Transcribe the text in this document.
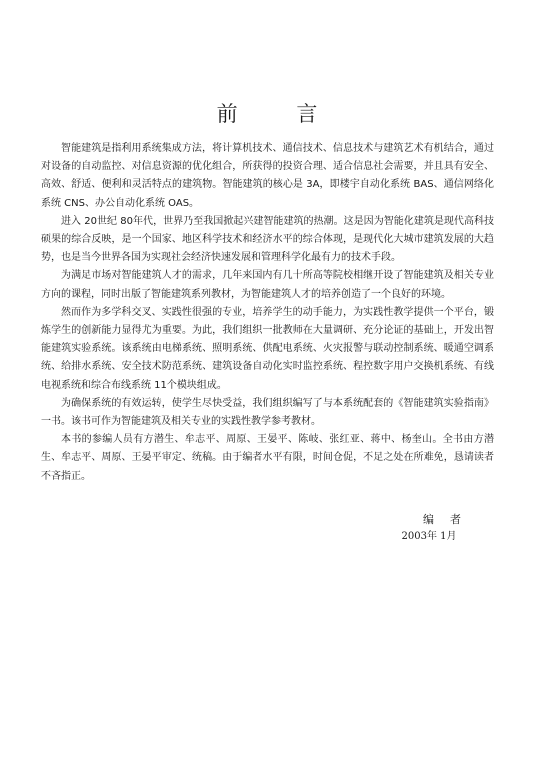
前 言

智能建筑是指利用系统集成方法，将计算机技术、通信技术、信息技术与建筑艺术有机结合，通过对设备的自动监控、对信息资源的优化组合，所获得的投资合理、适合信息社会需要，并且具有安全、高效、舒适、便利和灵活特点的建筑物。智能建筑的核心是 3A，即楼宇自动化系统 BAS、通信网络化系统 CNS、办公自动化系统 OAS。

进入 20世纪 80年代，世界乃至我国掀起兴建智能建筑的热潮。这是因为智能化建筑是现代高科技硕果的综合反映，是一个国家、地区科学技术和经济水平的综合体现，是现代化大城市建筑发展的大趋势，也是当今世界各国为实现社会经济快速发展和管理科学化最有力的技术手段。

为满足市场对智能建筑人才的需求，几年来国内有几十所高等院校相继开设了智能建筑及相关专业方向的课程，同时出版了智能建筑系列教材，为智能建筑人才的培养创造了一个良好的环境。

然而作为多学科交叉、实践性很强的专业，培养学生的动手能力，为实践性教学提供一个平台，锻炼学生的创新能力显得尤为重要。为此，我们组织一批教师在大量调研、充分论证的基础上，开发出智能建筑实验系统。该系统由电梯系统、照明系统、供配电系统、火灾报警与联动控制系统、暖通空调系统、给排水系统、安全技术防范系统、建筑设备自动化实时监控系统、程控数字用户交换机系统、有线电视系统和综合布线系统 11个模块组成。

为确保系统的有效运转，使学生尽快受益，我们组织编写了与本系统配套的《智能建筑实验指南》一书。该书可作为智能建筑及相关专业的实践性教学参考教材。

本书的参编人员有方潜生、牟志平、周原、王晏平、陈岐、张红亚、蒋中、杨奎山。全书由方潜生、牟志平、周原、王晏平审定、统稿。由于编者水平有限，时间仓促，不足之处在所难免，恳请读者不吝指正。

编者
2003年 1月
